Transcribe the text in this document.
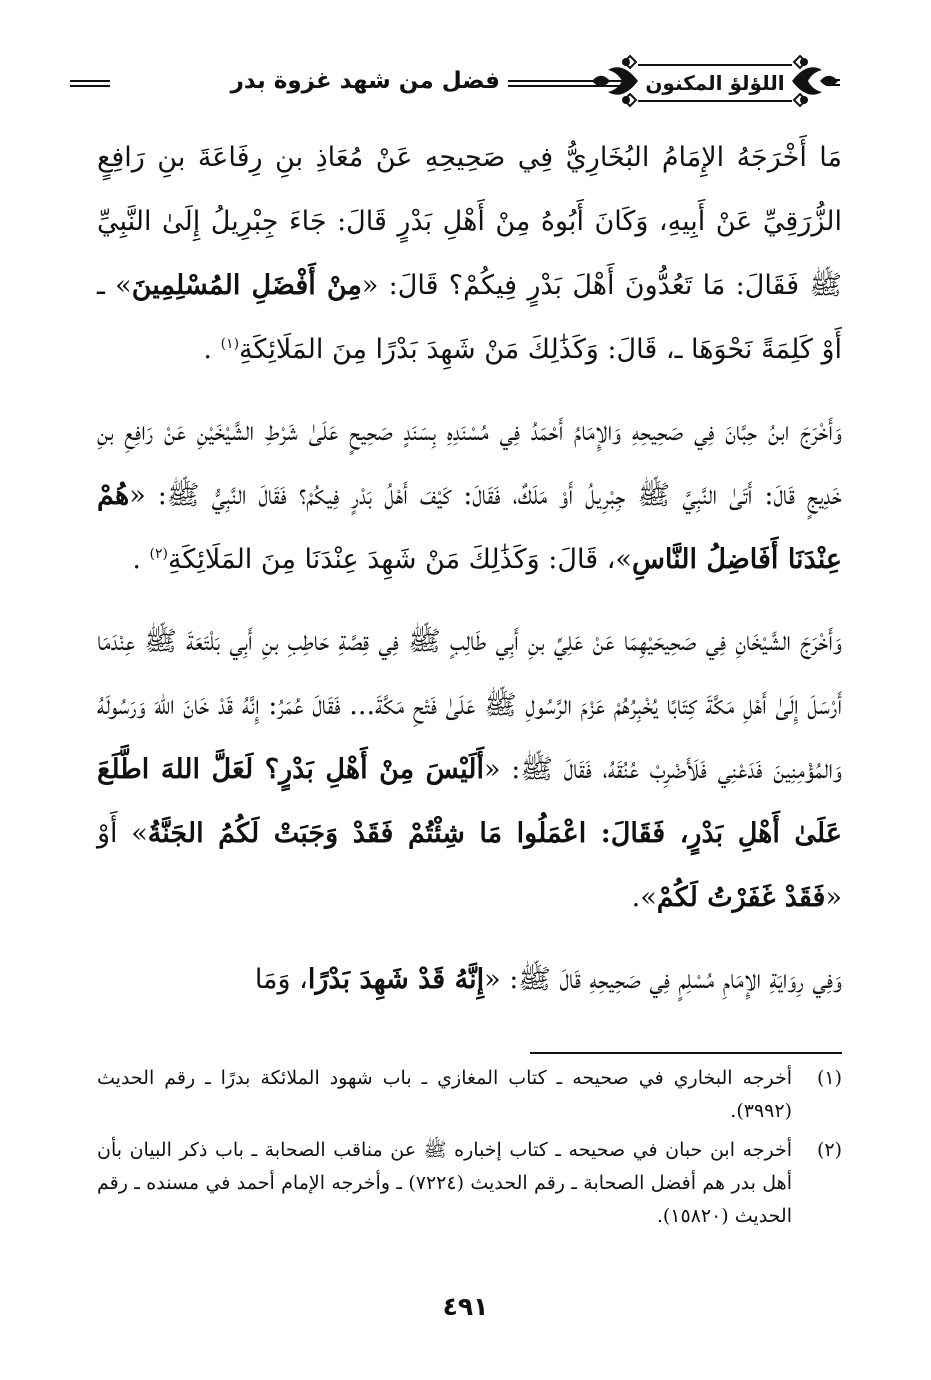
فضل من شهد غزوة بدر	اللؤلؤ المكنون

مَا أَخْرَجَهُ الإِمَامُ البُخَارِيُّ فِي صَحِيحِهِ عَنْ مُعَاذِ بنِ رِفَاعَةَ بنِ رَافِعٍ الزُّرَقِيِّ عَنْ أَبِيهِ، وَكَانَ أَبُوهُ مِنْ أَهْلِ بَدْرٍ قَالَ: جَاءَ جِبْرِيلُ إِلَىٰ النَّبِيِّ ﷺ فَقَالَ: مَا تَعُدُّونَ أَهْلَ بَدْرٍ فِيكُمْ؟ قَالَ: «مِنْ أَفْضَلِ المُسْلِمِينَ» ـ أَوْ كَلِمَةً نَحْوَهَا ـ، قَالَ: وَكَذَٰلِكَ مَنْ شَهِدَ بَدْرًا مِنَ المَلَائِكَةِ$^{(١)}$ .

وَأَخْرَجَ ابنُ حِبَّانَ فِي صَحِيحِهِ وَالإِمَامُ أَحْمَدُ فِي مُسْنَدِهِ بِسَنَدٍ صَحِيحٍ عَلَىٰ شَرْطِ الشَّيْخَيْنِ عَنْ رَافِعِ بنِ خَدِيجٍ قَالَ: أَتَىٰ النَّبِيَّ ﷺ جِبْرِيلُ أَوْ مَلَكٌ، فَقَالَ: كَيْفَ أَهْلُ بَدْرٍ فِيكُمْ؟ فَقَالَ النَّبِيُّ ﷺ: «هُمْ عِنْدَنَا أَفَاضِلُ النَّاسِ»، قَالَ: وَكَذَٰلِكَ مَنْ شَهِدَ عِنْدَنَا مِنَ المَلَائِكَةِ$^{(٢)}$ .

وَأَخْرَجَ الشَّيْخَانِ فِي صَحِيحَيْهِمَا عَنْ عَلِيِّ بنِ أَبِي طَالِبٍ ﷺ فِي قِصَّةِ حَاطِبِ بنِ أَبِي بَلْتَعَةَ ﷺ عِنْدَمَا أَرْسَلَ إِلَىٰ أَهْلِ مَكَّةَ كِتَابًا يُخْبِرُهُمْ عَزْمَ الرَّسُولِ ﷺ عَلَىٰ فَتْحِ مَكَّةَ... فَقَالَ عُمَرُ: إِنَّهُ قَدْ خَانَ اللهَ وَرَسُولَهُ وَالمُؤْمِنِينَ فَدَعْنِي فَلَأَضْرِبْ عُنُقَهُ، فَقَالَ ﷺ: «أَلَيْسَ مِنْ أَهْلِ بَدْرٍ؟ لَعَلَّ اللهَ اطَّلَعَ عَلَىٰ أَهْلِ بَدْرٍ، فَقَالَ: اعْمَلُوا مَا شِئْتُمْ فَقَدْ وَجَبَتْ لَكُمُ الجَنَّةُ» أَوْ «فَقَدْ غَفَرْتُ لَكُمْ».

وَفِي رِوَايَةِ الإِمَامِ مُسْلِمٍ فِي صَحِيحِهِ قَالَ ﷺ: «إِنَّهُ قَدْ شَهِدَ بَدْرًا، وَمَا

(١)
أخرجه البخاري في صحيحه ـ كتاب المغازي ـ باب شهود الملائكة بدرًا ـ رقم الحديث (٣٩٩٢).
(٢)
أخرجه ابن حبان في صحيحه ـ كتاب إخباره ﷺ عن مناقب الصحابة ـ باب ذكر البيان بأن أهل بدر هم أفضل الصحابة ـ رقم الحديث (٧٢٢٤) ـ وأخرجه الإمام أحمد في مسنده ـ رقم الحديث (١٥٨٢٠).
٤٩١
